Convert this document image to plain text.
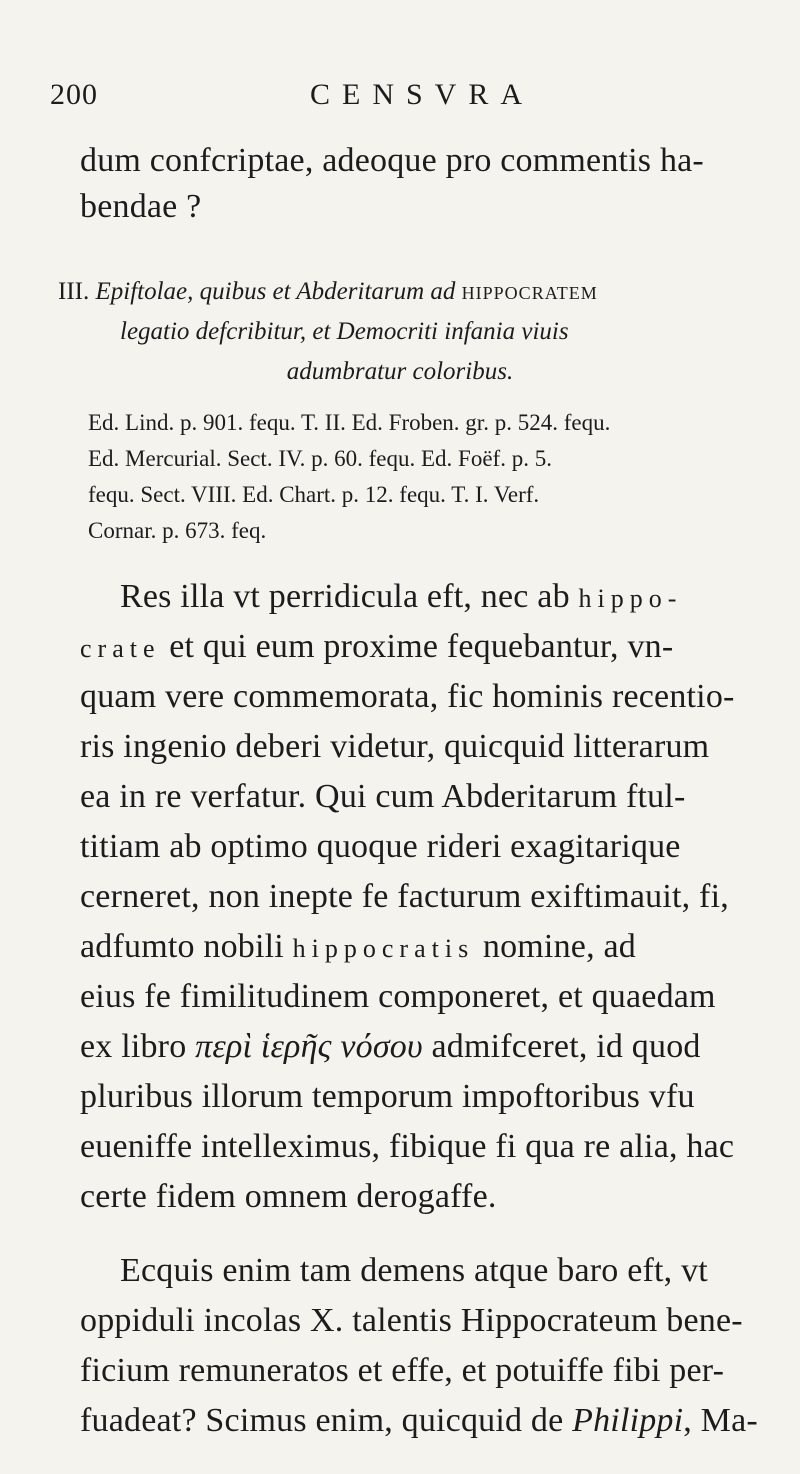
200	CENSVRA
dum confcriptae, adeoque pro commentis ha-
bendae ?
III. Epiftolae, quibus et Abderitarum ad hippocratem
legatio defcribitur, et Democriti infania viuis
adumbratur coloribus.
Ed. Lind. p. 901. fequ. T. II. Ed. Froben. gr. p. 524. fequ.
Ed. Mercurial. Sect. IV. p. 60. fequ. Ed. Foëf. p. 5.
fequ. Sect. VIII. Ed. Chart. p. 12. fequ. T. I. Verf.
Cornar. p. 673. feq.
Res illa vt perridicula eft, nec ab hippo-
crate et qui eum proxime fequebantur, vn-
quam vere commemorata, fic hominis recentio-
ris ingenio deberi videtur, quicquid litterarum
ea in re verfatur. Qui cum Abderitarum ftul-
titiam ab optimo quoque rideri exagitarique
cerneret, non inepte fe facturum exiftimauit, fi,
adfumto nobili hippocratis nomine, ad
eius fe fimilitudinem componeret, et quaedam
ex libro περὶ ἱερῆς νόσου admifceret, id quod
pluribus illorum temporum impoftoribus vfu
eueniffe intelleximus, fibique fi qua re alia, hac
certe fidem omnem derogaffe.
Ecquis enim tam demens atque baro eft, vt
oppiduli incolas X. talentis Hippocrateum bene-
ficium remuneratos et effe, et potuiffe fibi per-
fuadeat? Scimus enim, quicquid de Philippi, Ma-
